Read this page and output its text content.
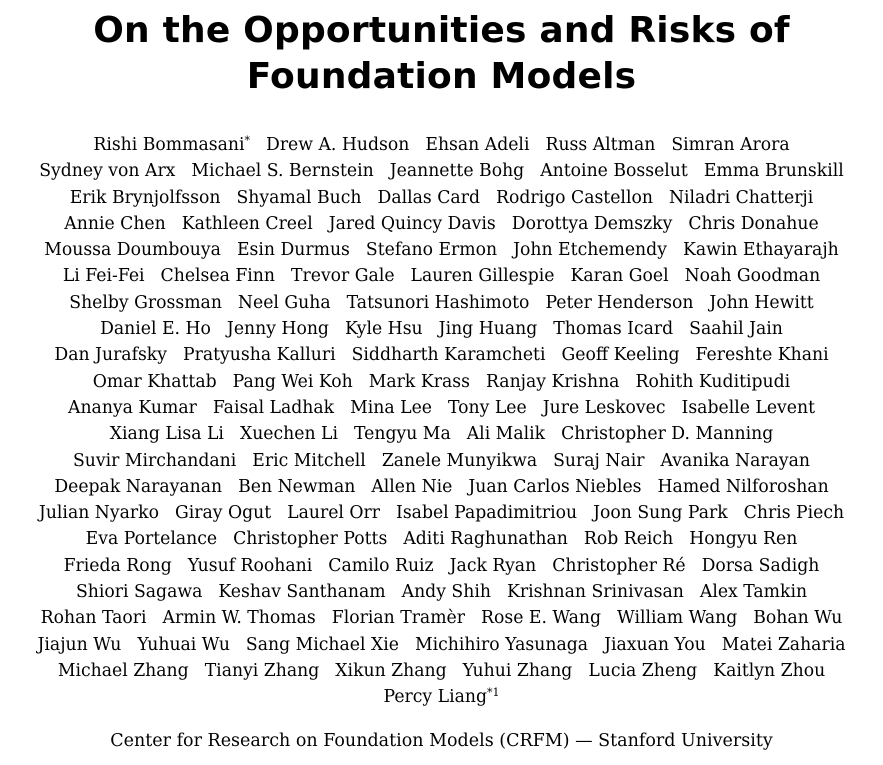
On the Opportunities and Risks of
Foundation Models
Rishi Bommasani* Drew A. Hudson Ehsan Adeli Russ Altman Simran Arora
Sydney von Arx Michael S. Bernstein Jeannette Bohg Antoine Bosselut Emma Brunskill
Erik Brynjolfsson Shyamal Buch Dallas Card Rodrigo Castellon Niladri Chatterji
Annie Chen Kathleen Creel Jared Quincy Davis Dorottya Demszky Chris Donahue
Moussa Doumbouya Esin Durmus Stefano Ermon John Etchemendy Kawin Ethayarajh
Li Fei-Fei Chelsea Finn Trevor Gale Lauren Gillespie Karan Goel Noah Goodman
Shelby Grossman Neel Guha Tatsunori Hashimoto Peter Henderson John Hewitt
Daniel E. Ho Jenny Hong Kyle Hsu Jing Huang Thomas Icard Saahil Jain
Dan Jurafsky Pratyusha Kalluri Siddharth Karamcheti Geoff Keeling Fereshte Khani
Omar Khattab Pang Wei Koh Mark Krass Ranjay Krishna Rohith Kuditipudi
Ananya Kumar Faisal Ladhak Mina Lee Tony Lee Jure Leskovec Isabelle Levent
Xiang Lisa Li Xuechen Li Tengyu Ma Ali Malik Christopher D. Manning
Suvir Mirchandani Eric Mitchell Zanele Munyikwa Suraj Nair Avanika Narayan
Deepak Narayanan Ben Newman Allen Nie Juan Carlos Niebles Hamed Nilforoshan
Julian Nyarko Giray Ogut Laurel Orr Isabel Papadimitriou Joon Sung Park Chris Piech
Eva Portelance Christopher Potts Aditi Raghunathan Rob Reich Hongyu Ren
Frieda Rong Yusuf Roohani Camilo Ruiz Jack Ryan Christopher Ré Dorsa Sadigh
Shiori Sagawa Keshav Santhanam Andy Shih Krishnan Srinivasan Alex Tamkin
Rohan Taori Armin W. Thomas Florian Tramèr Rose E. Wang William Wang Bohan Wu
Jiajun Wu Yuhuai Wu Sang Michael Xie Michihiro Yasunaga Jiaxuan You Matei Zaharia
Michael Zhang Tianyi Zhang Xikun Zhang Yuhui Zhang Lucia Zheng Kaitlyn Zhou
Percy Liang$^{*1}$
Center for Research on Foundation Models (CRFM) — Stanford University
